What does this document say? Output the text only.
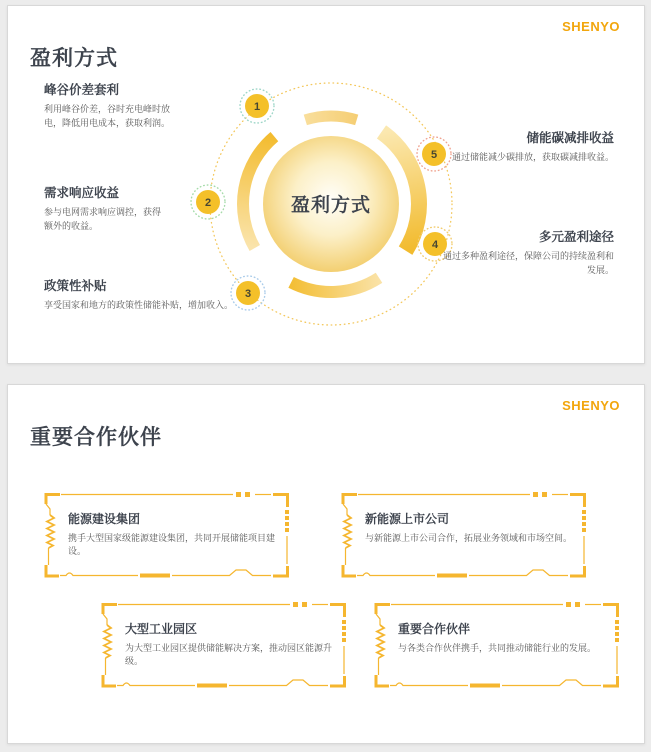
SHENYO
盈利方式
盈利方式
1
2
3
4
5
峰谷价差套利

利用峰谷价差，谷时充电峰时放电，降低用电成本，获取利润。

需求响应收益

参与电网需求响应调控，获得额外的收益。

政策性补贴

享受国家和地方的政策性储能补贴，增加收入。

储能碳减排收益

通过储能减少碳排放，获取碳减排收益。

多元盈利途径

通过多种盈利途径，保障公司的持续盈利和发展。

SHENYO
重要合作伙伴
能源建设集团

携手大型国家级能源建设集团，共同开展储能项目建设。

新能源上市公司

与新能源上市公司合作，拓展业务领域和市场空间。

大型工业园区

为大型工业园区提供储能解决方案，推动园区能源升级。

重要合作伙伴

与各类合作伙伴携手，共同推动储能行业的发展。
